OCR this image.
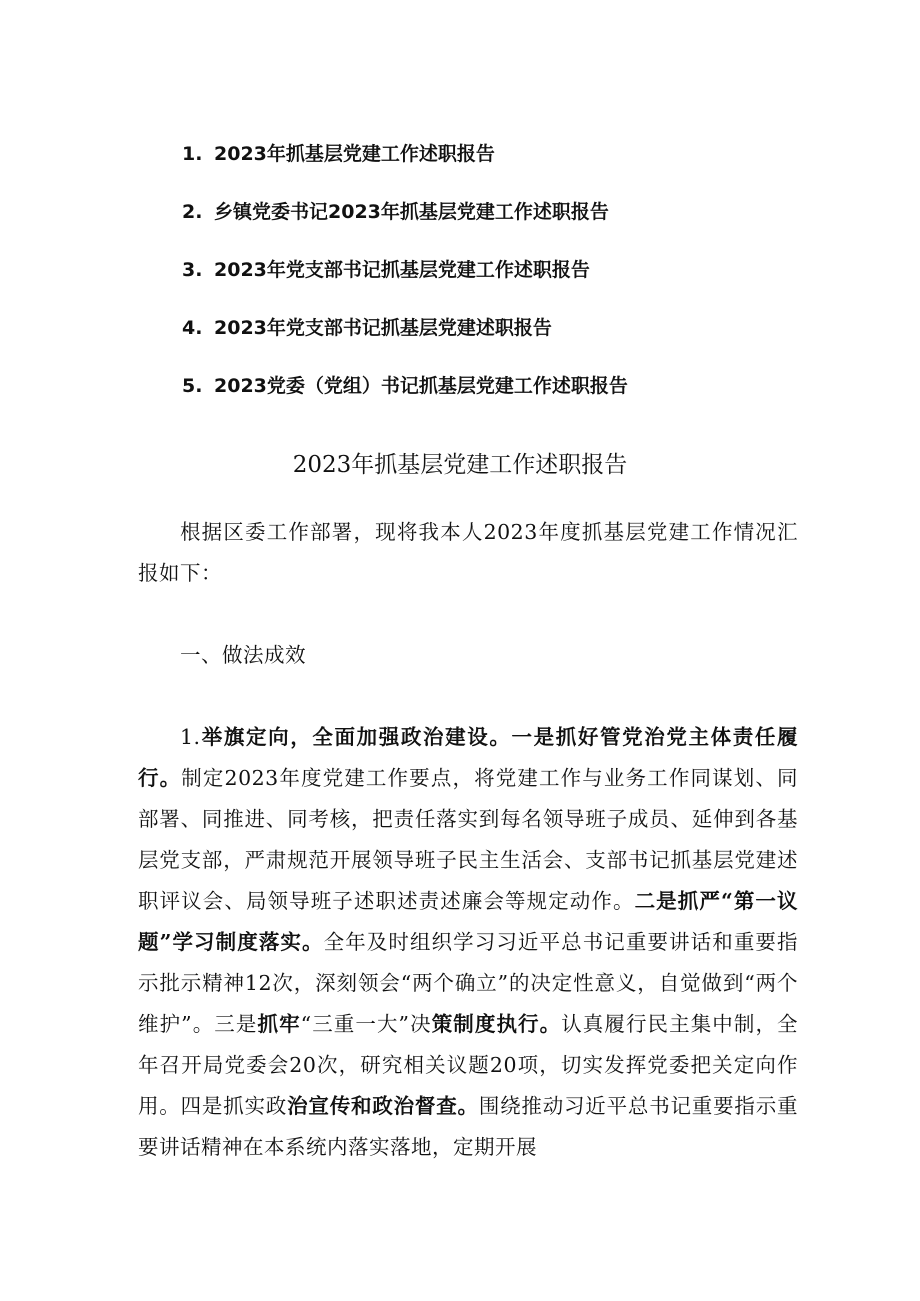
1. 2023年抓基层党建工作述职报告
2. 乡镇党委书记2023年抓基层党建工作述职报告
3. 2023年党支部书记抓基层党建工作述职报告
4. 2023年党支部书记抓基层党建述职报告
5. 2023党委（党组）书记抓基层党建工作述职报告
2023年抓基层党建工作述职报告

根据区委工作部署，现将我本人2023年度抓基层党建工作情况汇报如下：

一、做法成效

1.举旗定向，全面加强政治建设。一是抓好管党治党主体责任履行。制定2023年度党建工作要点，将党建工作与业务工作同谋划、同部署、同推进、同考核，把责任落实到每名领导班子成员、延伸到各基层党支部，严肃规范开展领导班子民主生活会、支部书记抓基层党建述职评议会、局领导班子述职述责述廉会等规定动作。二是抓严“第一议题”学习制度落实。全年及时组织学习习近平总书记重要讲话和重要指示批示精神12次，深刻领会“两个确立”的决定性意义，自觉做到“两个维护”。三是抓牢“三重一大”决策制度执行。认真履行民主集中制，全年召开局党委会20次，研究相关议题20项，切实发挥党委把关定向作用。四是抓实政治宣传和政治督查。围绕推动习近平总书记重要指示重要讲话精神在本系统内落实落地，定期开展
